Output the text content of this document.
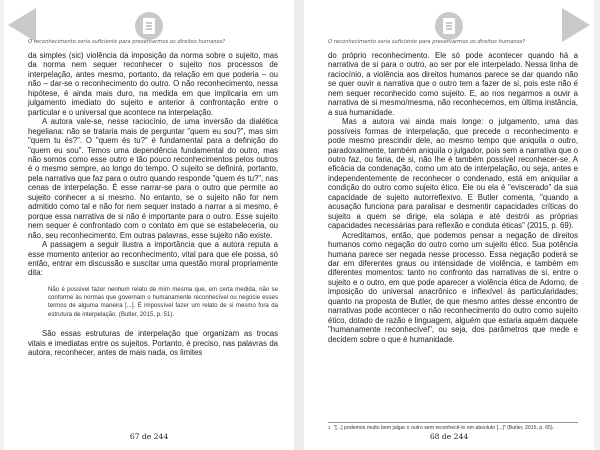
O reconhecimento seria suficiente para preservarmos os direitos humanos?

da simples (sic) violência da imposição da norma sobre o sujeito, mas da norma nem sequer reconhecer o sujeito nos processos de interpelação, antes mesmo, portanto, da relação em que poderia – ou não – dar-se o reconhecimento do outro. O não reconhecimento, nessa hipótese, é ainda mais duro, na medida em que implicaria em um julgamento imediato do sujeito e anterior à confrontação entre o particular e o universal que acontece na interpelação.

A autora vale-se, nesse raciocínio, de uma inversão da dialética hegeliana: não se trataria mais de perguntar "quem eu sou?", mas sim "quem tu és?". O "quem és tu?" é fundamental para a definição do "quem eu sou". Temos uma dependência fundamental do outro, mas não somos como esse outro e tão pouco reconhecimentos pelos outros é o mesmo sempre, ao longo do tempo. O sujeito se definirá, portanto, pela narrativa que faz para o outro quando responde "quem és tu?", nas cenas de interpelação. É esse narrar-se para o outro que permite ao sujeito conhecer a si mesmo. No entanto, se o sujeito não for nem admitido como tal e não for nem sequer instado a narrar a si mesmo, é porque essa narrativa de si não é importante para o outro. Esse sujeito nem sequer é confrontado com o contato em que se estabeleceria, ou não, seu reconhecimento. Em outras palavras, esse sujeito não existe.

A passagem a seguir ilustra a importância que a autora reputa a esse momento anterior ao reconhecimento, vital para que ele possa, só então, entrar em discussão e suscitar uma questão moral propriamente dita:

Não é possível fazer nenhum relato de mim mesma que, em certa medida, não se conforme às normas que governam o humanamente reconhecível ou negocie esses termos de alguma maneira [...]. É impossível fazer um relato de si mesmo fora da estrutura de interpelação. (Butler, 2015, p. 51).

São essas estruturas de interpelação que organizam as trocas vitais e imediatas entre os sujeitos. Portanto, é preciso, nas palavras da autora, reconhecer, antes de mais nada, os limites

67 de 244
O reconhecimento seria suficiente para preservarmos os direitos humanos?

do próprio reconhecimento. Ele só pode acontecer quando há a narrativa de si para o outro, ao ser por ele interpelado. Nessa linha de raciocínio, a violência aos direitos humanos parece se dar quando não se quer ouvir a narrativa que o outro tem a fazer de si, pois este não é nem sequer reconhecido como sujeito. E, ao nos negarmos a ouvir a narrativa de si mesmo/mesma, não reconhecemos, em última instância, a sua humanidade.

Mas a autora vai ainda mais longe: o julgamento, uma das possíveis formas de interpelação, que precede o reconhecimento e pode mesmo prescindir dele, ao mesmo tempo que aniquila o outro, paradoxalmente, também aniquila o julgador, pois sem a narrativa que o outro faz, ou faria, de si, não lhe é também possível reconhecer-se. A eficácia da condenação, como um ato de interpelação, ou seja, antes e independentemente de reconhecer o condenado, está em aniquilar a condição do outro como sujeito ético. Ele ou ela é "eviscerado" da sua capacidade de sujeito autorreflexivo. E Butler comenta, "quando a acusação funciona para paralisar e desmentir capacidades críticas do sujeito a quem se dirige, ela solapa e até destrói as próprias capacidades necessárias para reflexão e conduta éticas" (2015, p. 69).

Acreditamos, então, que podemos pensar a negação de direitos humanos como negação do outro como um sujeito ético. Sua potência humana parece ser negada nesse processo. Essa negação poderá se dar em diferentes graus ou intensidade de violência, e também em diferentes momentos: tanto no confronto das narrativas de si, entre o sujeito e o outro, em que pode aparecer a violência ética de Adorno, de imposição do universal anacrônico e inflexível às particularidades; quanto na proposta de Butler, de que mesmo antes desse encontro de narrativas pode acontecer o não reconhecimento do outro como sujeito ético, dotado de razão e linguagem, alguém que estaria aquém daquele "humanamente reconhecível", ou seja, dos parâmetros que mede e decidem sobre o que é humanidade.

1 "[...] podemos muito bem julgar o outro sem reconhecê-lo em absoluto [...]" (Butler, 2015, p. 65).
68 de 244
